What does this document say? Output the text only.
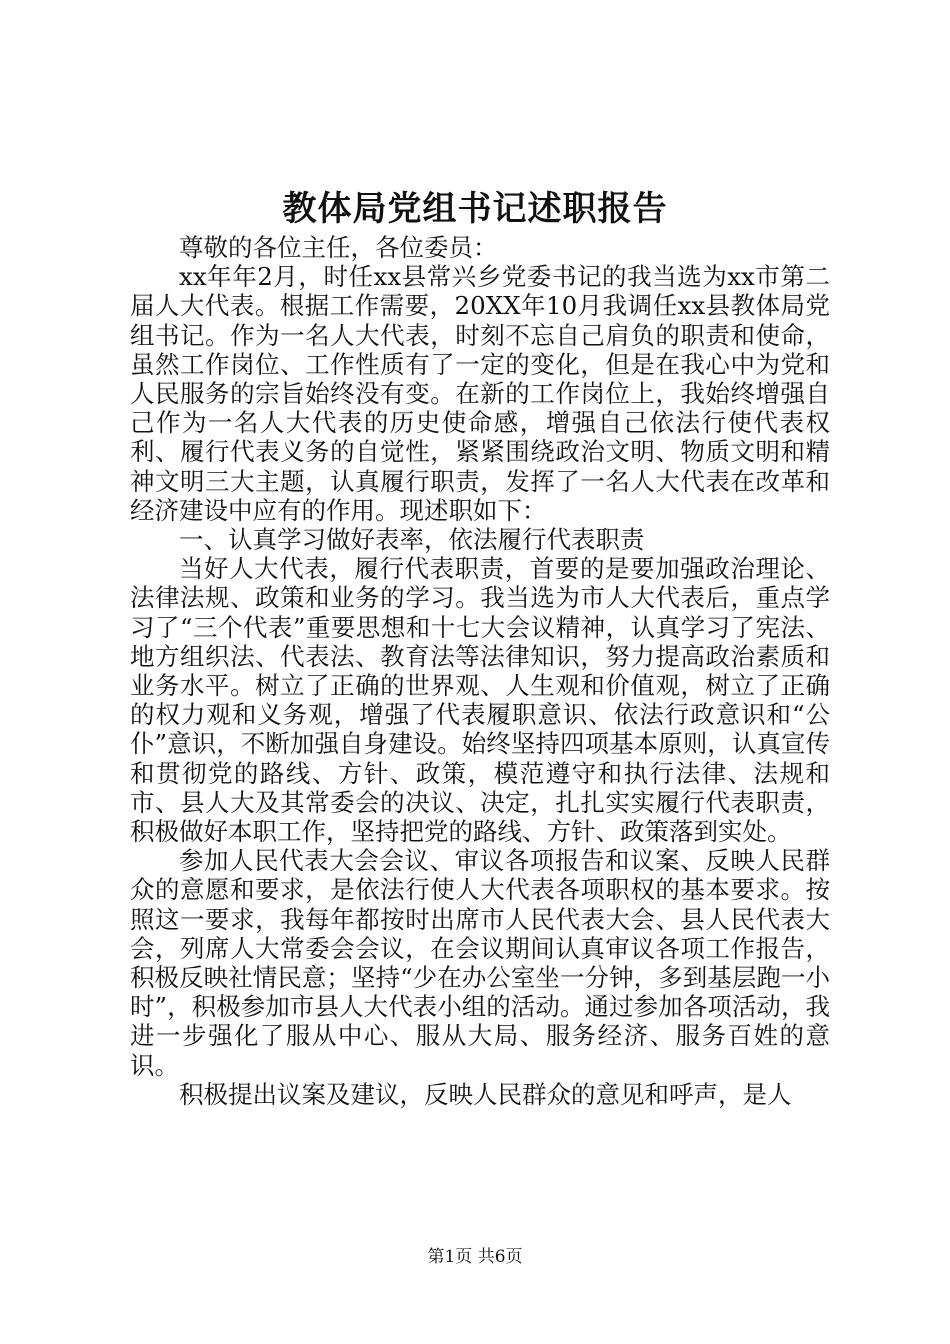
教体局党组书记述职报告

尊敬的各位主任，各位委员：

xx年年2月，时任xx县常兴乡党委书记的我当选为xx市第二届人大代表。根据工作需要，20XX年10月我调任xx县教体局党组书记。作为一名人大代表，时刻不忘自己肩负的职责和使命，虽然工作岗位、工作性质有了一定的变化，但是在我心中为党和人民服务的宗旨始终没有变。在新的工作岗位上，我始终增强自己作为一名人大代表的历史使命感，增强自己依法行使代表权利、履行代表义务的自觉性，紧紧围绕政治文明、物质文明和精神文明三大主题，认真履行职责，发挥了一名人大代表在改革和经济建设中应有的作用。现述职如下：

一、认真学习做好表率，依法履行代表职责

当好人大代表，履行代表职责，首要的是要加强政治理论、法律法规、政策和业务的学习。我当选为市人大代表后，重点学习了“三个代表”重要思想和十七大会议精神，认真学习了宪法、地方组织法、代表法、教育法等法律知识，努力提高政治素质和业务水平。树立了正确的世界观、人生观和价值观，树立了正确的权力观和义务观，增强了代表履职意识、依法行政意识和“公仆”意识，不断加强自身建设。始终坚持四项基本原则，认真宣传和贯彻党的路线、方针、政策，模范遵守和执行法律、法规和市、县人大及其常委会的决议、决定，扎扎实实履行代表职责，积极做好本职工作，坚持把党的路线、方针、政策落到实处。

参加人民代表大会会议、审议各项报告和议案、反映人民群众的意愿和要求，是依法行使人大代表各项职权的基本要求。按照这一要求，我每年都按时出席市人民代表大会、县人民代表大会，列席人大常委会会议，在会议期间认真审议各项工作报告，积极反映社情民意；坚持“少在办公室坐一分钟，多到基层跑一小时”，积极参加市县人大代表小组的活动。通过参加各项活动，我进一步强化了服从中心、服从大局、服务经济、服务百姓的意识。

积极提出议案及建议，反映人民群众的意见和呼声，是人

第1页 共6页
